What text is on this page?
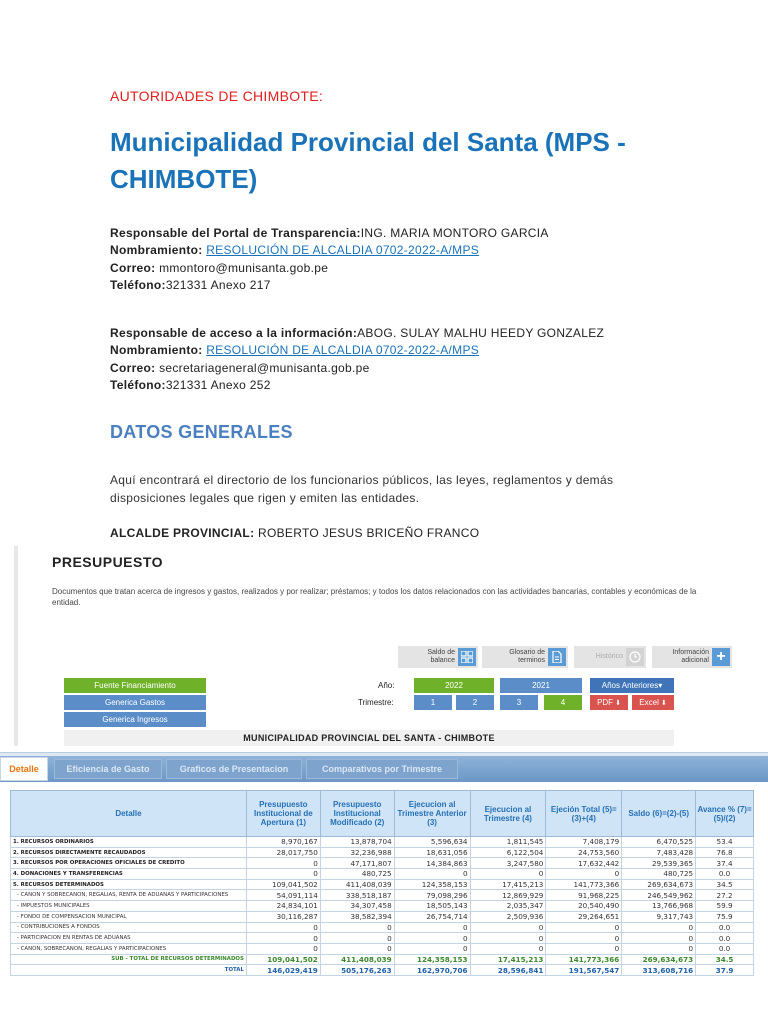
AUTORIDADES DE CHIMBOTE:
Municipalidad Provincial del Santa (MPS - CHIMBOTE)
Responsable del Portal de Transparencia:ING. MARIA MONTORO GARCIA
Nombramiento: RESOLUCIÓN DE ALCALDIA 0702-2022-A/MPS
Correo: mmontoro@munisanta.gob.pe
Teléfono:321331 Anexo 217
Responsable de acceso a la información:ABOG. SULAY MALHU HEEDY GONZALEZ
Nombramiento: RESOLUCIÓN DE ALCALDIA 0702-2022-A/MPS
Correo: secretariageneral@munisanta.gob.pe
Teléfono:321331 Anexo 252
DATOS GENERALES
Aquí encontrará el directorio de los funcionarios públicos, las leyes, reglamentos y demás disposiciones legales que rigen y emiten las entidades.
ALCALDE PROVINCIAL: ROBERTO JESUS BRICEÑO FRANCO
PRESUPUESTO
Documentos que tratan acerca de ingresos y gastos, realizados y por realizar; préstamos; y todos los datos relacionados con las actividades bancarias, contables y económicas de la entidad.
Saldo de balance
Glosario de terminos
Histórico
Información adicional +
Fuente Financiamiento
Generica Gastos
Generica Ingresos
Año:	2022	2021	Años Anteriores▾
Trimestre:	1	2	3	4	PDF ⬇ Excel ⬇
MUNICIPALIDAD PROVINCIAL DEL SANTA - CHIMBOTE
Detalle	Eficiencia de Gasto	Graficos de Presentacion	Comparativos por Trimestre
Detalle	Presupuesto Institucional de Apertura (1)	Presupuesto Institucional Modificado (2)	Ejecucion al Trimestre Anterior (3)	Ejecucion al Trimestre (4)	Ejeción Total (5)=(3)+(4)	Saldo (6)=(2)-(5)	Avance % (7)=(5)/(2)
1. RECURSOS ORDINARIOS	8,970,167	13,878,704	5,596,634	1,811,545	7,408,179	6,470,525	53.4
2. RECURSOS DIRECTAMENTE RECAUDADOS	28,017,750	32,236,988	18,631,056	6,122,504	24,753,560	7,483,428	76.8
3. RECURSOS POR OPERACIONES OFICIALES DE CREDITO	0	47,171,807	14,384,863	3,247,580	17,632,442	29,539,365	37.4
4. DONACIONES Y TRANSFERENCIAS	0	480,725	0	0	0	480,725	0.0
5. RECURSOS DETERMINADOS	109,041,502	411,408,039	124,358,153	17,415,213	141,773,366	269,634,673	34.5
- CANON Y SOBRECANON, REGALIAS, RENTA DE ADUANAS Y PARTICIPACIONES	54,091,114	338,518,187	79,098,296	12,869,929	91,968,225	246,549,962	27.2
- IMPUESTOS MUNICIPALES	24,834,101	34,307,458	18,505,143	2,035,347	20,540,490	13,766,968	59.9
- FONDO DE COMPENSACION MUNICIPAL	30,116,287	38,582,394	26,754,714	2,509,936	29,264,651	9,317,743	75.9
- CONTRIBUCIONES A FONDOS	0	0	0	0	0	0	0.0
- PARTICIPACION EN RENTAS DE ADUANAS	0	0	0	0	0	0	0.0
- CANON, SOBRECANON, REGALIAS Y PARTICIPACIONES	0	0	0	0	0	0	0.0
SUB - TOTAL DE RECURSOS DETERMINADOS	109,041,502	411,408,039	124,358,153	17,415,213	141,773,366	269,634,673	34.5
TOTAL	146,029,419	505,176,263	162,970,706	28,596,841	191,567,547	313,608,716	37.9
